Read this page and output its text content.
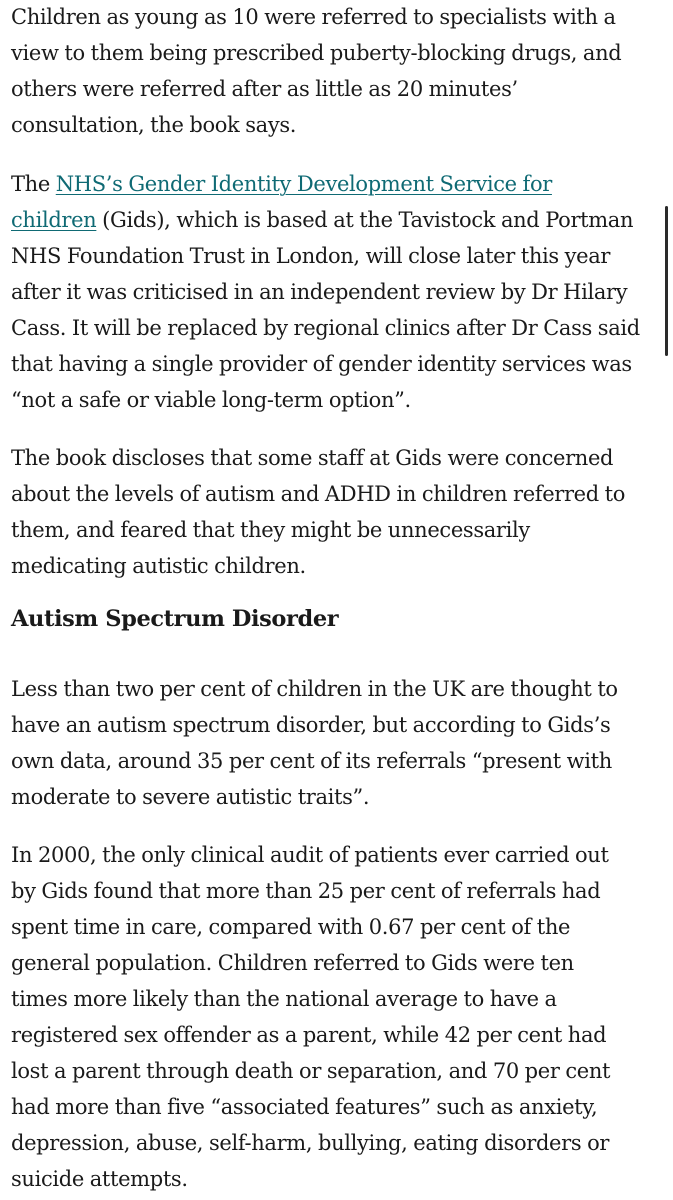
Children as young as 10 were referred to specialists with a
view to them being prescribed puberty-blocking drugs, and
others were referred after as little as 20 minutes’
consultation, the book says.

The NHS’s Gender Identity Development Service for
children (Gids), which is based at the Tavistock and Portman
NHS Foundation Trust in London, will close later this year
after it was criticised in an independent review by Dr Hilary
Cass. It will be replaced by regional clinics after Dr Cass said
that having a single provider of gender identity services was
“not a safe or viable long-term option”.

The book discloses that some staff at Gids were concerned
about the levels of autism and ADHD in children referred to
them, and feared that they might be unnecessarily
medicating autistic children.

Autism Spectrum Disorder

Less than two per cent of children in the UK are thought to
have an autism spectrum disorder, but according to Gids’s
own data, around 35 per cent of its referrals “present with
moderate to severe autistic traits”.

In 2000, the only clinical audit of patients ever carried out
by Gids found that more than 25 per cent of referrals had
spent time in care, compared with 0.67 per cent of the
general population. Children referred to Gids were ten
times more likely than the national average to have a
registered sex offender as a parent, while 42 per cent had
lost a parent through death or separation, and 70 per cent
had more than five “associated features” such as anxiety,
depression, abuse, self-harm, bullying, eating disorders or
suicide attempts.
